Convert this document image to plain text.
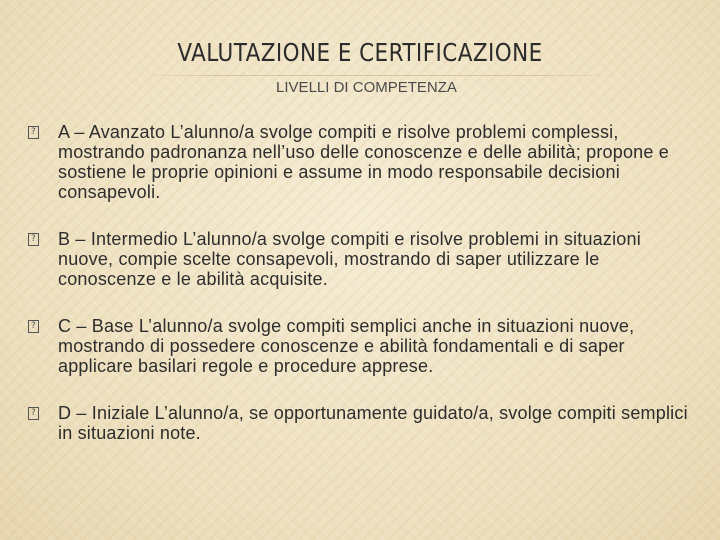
VALUTAZIONE E CERTIFICAZIONE
LIVELLI DI COMPETENZA
? A – Avanzato L’alunno/a svolge compiti e risolve problemi complessi, mostrando padronanza nell’uso delle conoscenze e delle abilità; propone e sostiene le proprie opinioni e assume in modo responsabile decisioni consapevoli.
? B – Intermedio L’alunno/a svolge compiti e risolve problemi in situazioni nuove, compie scelte consapevoli, mostrando di saper utilizzare le conoscenze e le abilità acquisite.
? C – Base L’alunno/a svolge compiti semplici anche in situazioni nuove, mostrando di possedere conoscenze e abilità fondamentali e di saper applicare basilari regole e procedure apprese.
? D – Iniziale L’alunno/a, se opportunamente guidato/a, svolge compiti semplici in situazioni note.
